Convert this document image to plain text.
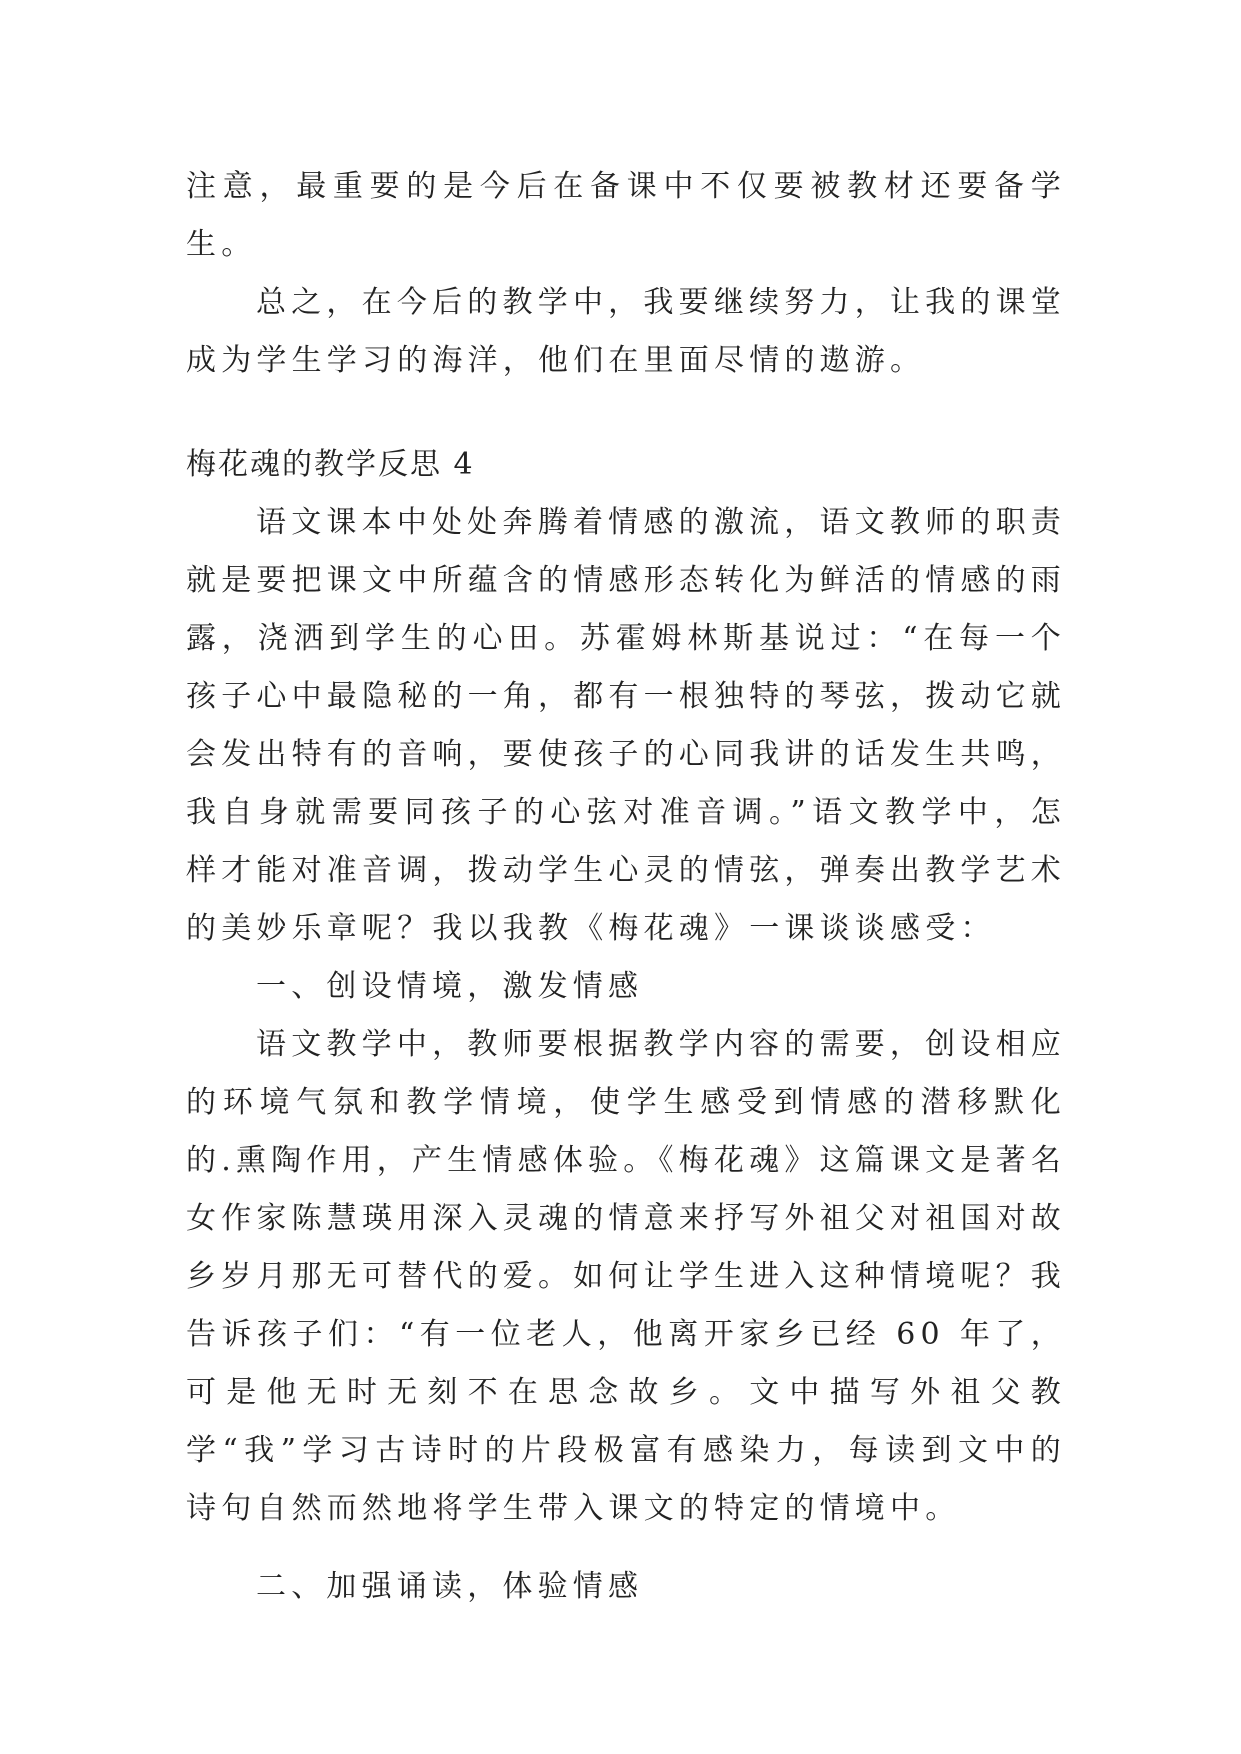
注意，最重要的是今后在备课中不仅要被教材还要备学生。

总之，在今后的教学中，我要继续努力，让我的课堂成为学生学习的海洋，他们在里面尽情的遨游。

梅花魂的教学反思 4

语文课本中处处奔腾着情感的激流，语文教师的职责就是要把课文中所蕴含的情感形态转化为鲜活的情感的雨露，浇洒到学生的心田。苏霍姆林斯基说过：“在每一个孩子心中最隐秘的一角，都有一根独特的琴弦，拨动它就会发出特有的音响，要使孩子的心同我讲的话发生共鸣，我自身就需要同孩子的心弦对准音调。”语文教学中，怎样才能对准音调，拨动学生心灵的情弦，弹奏出教学艺术的美妙乐章呢？我以我教《梅花魂》一课谈谈感受：

一、创设情境，激发情感

语文教学中，教师要根据教学内容的需要，创设相应的环境气氛和教学情境，使学生感受到情感的潜移默化的.熏陶作用，产生情感体验。《梅花魂》这篇课文是著名女作家陈慧瑛用深入灵魂的情意来抒写外祖父对祖国对故乡岁月那无可替代的爱。如何让学生进入这种情境呢？我告诉孩子们：“有一位老人，他离开家乡已经 60 年了，可是他无时无刻不在思念故乡。文中描写外祖父教学“我”学习古诗时的片段极富有感染力，每读到文中的诗句自然而然地将学生带入课文的特定的情境中。

二、加强诵读，体验情感
